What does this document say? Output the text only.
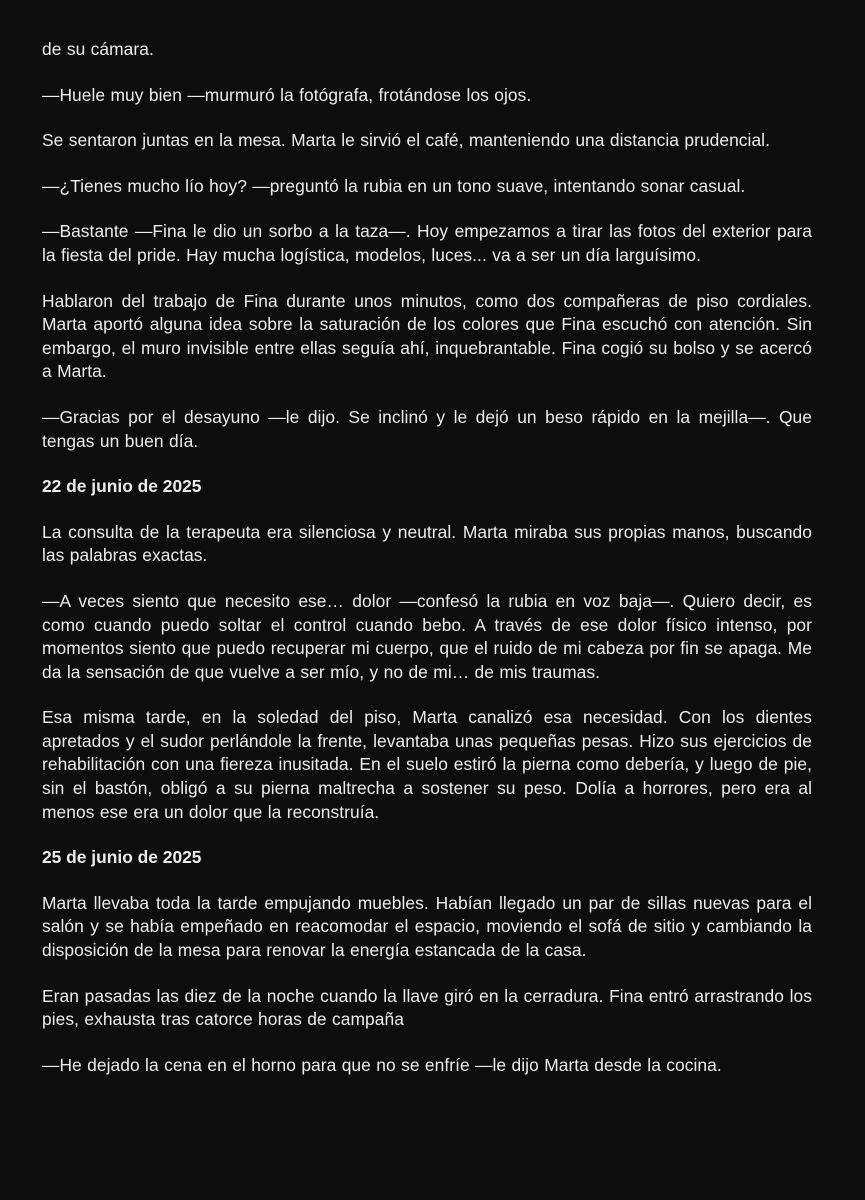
de su cámara.

—Huele muy bien —murmuró la fotógrafa, frotándose los ojos.

Se sentaron juntas en la mesa. Marta le sirvió el café, manteniendo una distancia prudencial.

—¿Tienes mucho lío hoy? —preguntó la rubia en un tono suave, intentando sonar casual.

—Bastante —Fina le dio un sorbo a la taza—. Hoy empezamos a tirar las fotos del exterior para la fiesta del pride. Hay mucha logística, modelos, luces... va a ser un día larguísimo.

Hablaron del trabajo de Fina durante unos minutos, como dos compañeras de piso cordiales. Marta aportó alguna idea sobre la saturación de los colores que Fina escuchó con atención. Sin embargo, el muro invisible entre ellas seguía ahí, inquebrantable. Fina cogió su bolso y se acercó a Marta.

—Gracias por el desayuno —le dijo. Se inclinó y le dejó un beso rápido en la mejilla—. Que tengas un buen día.

22 de junio de 2025

La consulta de la terapeuta era silenciosa y neutral. Marta miraba sus propias manos, buscando las palabras exactas.

—A veces siento que necesito ese… dolor —confesó la rubia en voz baja—. Quiero decir, es como cuando puedo soltar el control cuando bebo. A través de ese dolor físico intenso, por momentos siento que puedo recuperar mi cuerpo, que el ruido de mi cabeza por fin se apaga. Me da la sensación de que vuelve a ser mío, y no de mi… de mis traumas.

Esa misma tarde, en la soledad del piso, Marta canalizó esa necesidad. Con los dientes apretados y el sudor perlándole la frente, levantaba unas pequeñas pesas. Hizo sus ejercicios de rehabilitación con una fiereza inusitada. En el suelo estiró la pierna como debería, y luego de pie, sin el bastón, obligó a su pierna maltrecha a sostener su peso. Dolía a horrores, pero era al menos ese era un dolor que la reconstruía.

25 de junio de 2025

Marta llevaba toda la tarde empujando muebles. Habían llegado un par de sillas nuevas para el salón y se había empeñado en reacomodar el espacio, moviendo el sofá de sitio y cambiando la disposición de la mesa para renovar la energía estancada de la casa.

Eran pasadas las diez de la noche cuando la llave giró en la cerradura. Fina entró arrastrando los pies, exhausta tras catorce horas de campaña

—He dejado la cena en el horno para que no se enfríe —le dijo Marta desde la cocina.
